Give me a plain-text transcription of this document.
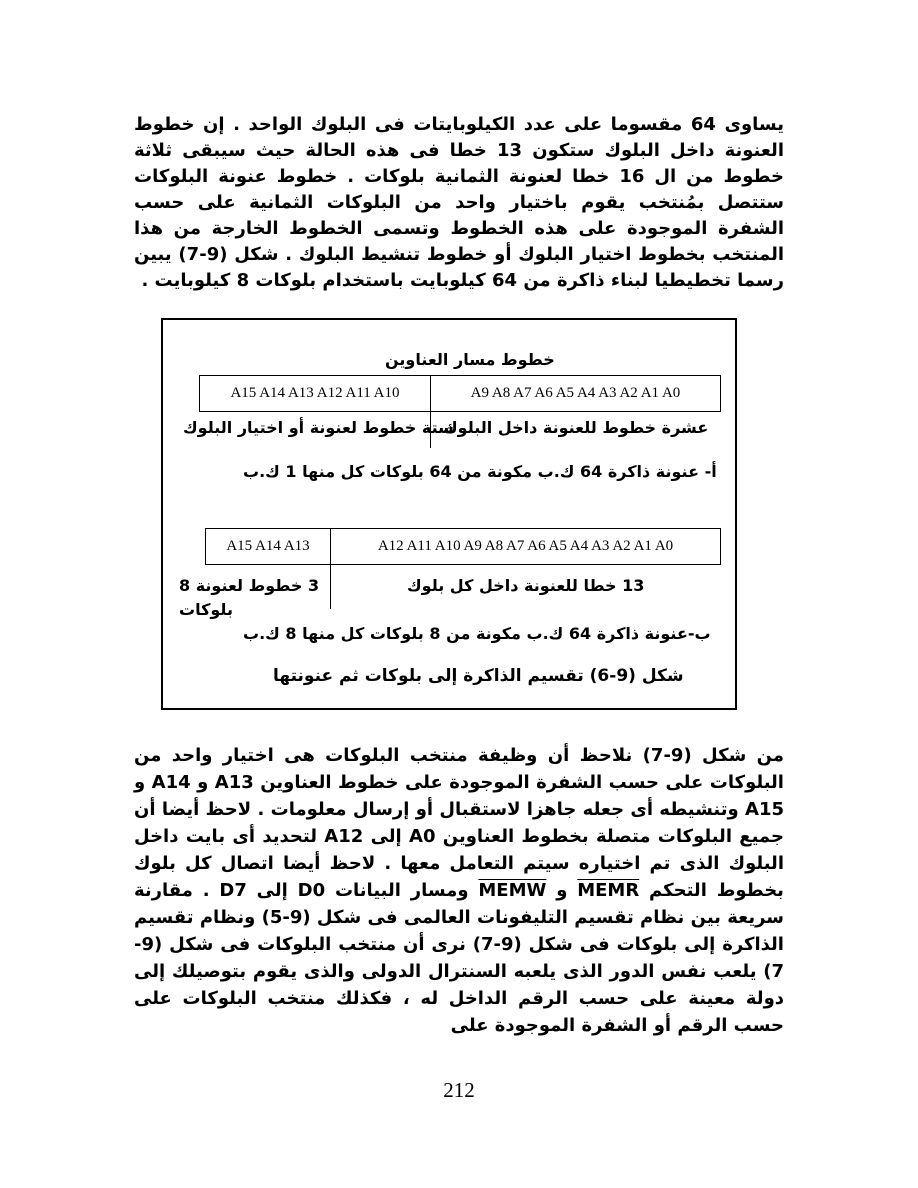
يساوى 64 مقسوما على عدد الكيلوبايتات فى البلوك الواحد . إن خطوط العنونة داخل البلوك ستكون 13 خطا فى هذه الحالة حيث سيبقى ثلاثة خطوط من ال 16 خطا لعنونة الثمانية بلوكات . خطوط عنونة البلوكات ستتصل بمُنتخب يقوم باختيار واحد من البلوكات الثمانية على حسب الشفرة الموجودة على هذه الخطوط وتسمى الخطوط الخارجة من هذا المنتخب بخطوط اختيار البلوك أو خطوط تنشيط البلوك . شكل (9-7) يبين رسما تخطيطيا لبناء ذاكرة من 64 كيلوبايت باستخدام بلوكات 8 كيلوبايت .

خطوط مسار العناوين
A15 A14 A13 A12 A11 A10	A9 A8 A7 A6 A5 A4 A3 A2 A1 A0
ستة خطوط لعنونة أو اختيار البلوك
عشرة خطوط للعنونة داخل البلوك
أ- عنونة ذاكرة 64 ك.ب مكونة من 64 بلوكات كل منها 1 ك.ب
A15 A14 A13	A12 A11 A10 A9 A8 A7 A6 A5 A4 A3 A2 A1 A0
3 خطوط لعنونة 8
بلوكات
13 خطا للعنونة داخل كل بلوك
ب-عنونة ذاكرة 64 ك.ب مكونة من 8 بلوكات كل منها 8 ك.ب
شكل (9-6) تقسيم الذاكرة إلى بلوكات ثم عنونتها

من شكل (9-7) نلاحظ أن وظيفة منتخب البلوكات هى اختيار واحد من البلوكات على حسب الشفرة الموجودة على خطوط العناوين A13 و A14 و A15 وتنشيطه أى جعله جاهزا لاستقبال أو إرسال معلومات . لاحظ أيضا أن جميع البلوكات متصلة بخطوط العناوين A0 إلى A12 لتحديد أى بايت داخل البلوك الذى تم اختياره سيتم التعامل معها . لاحظ أيضا اتصال كل بلوك بخطوط التحكم MEMR و MEMW ومسار البيانات D0 إلى D7 . مقارنة سريعة بين نظام تقسيم التليفونات العالمى فى شكل (9-5) ونظام تقسيم الذاكرة إلى بلوكات فى شكل (9-7) نرى أن منتخب البلوكات فى شكل (9-7) يلعب نفس الدور الذى يلعبه السنترال الدولى والذى يقوم بتوصيلك إلى دولة معينة على حسب الرقم الداخل له ، فكذلك منتخب البلوكات على حسب الرقم أو الشفرة الموجودة على

212
